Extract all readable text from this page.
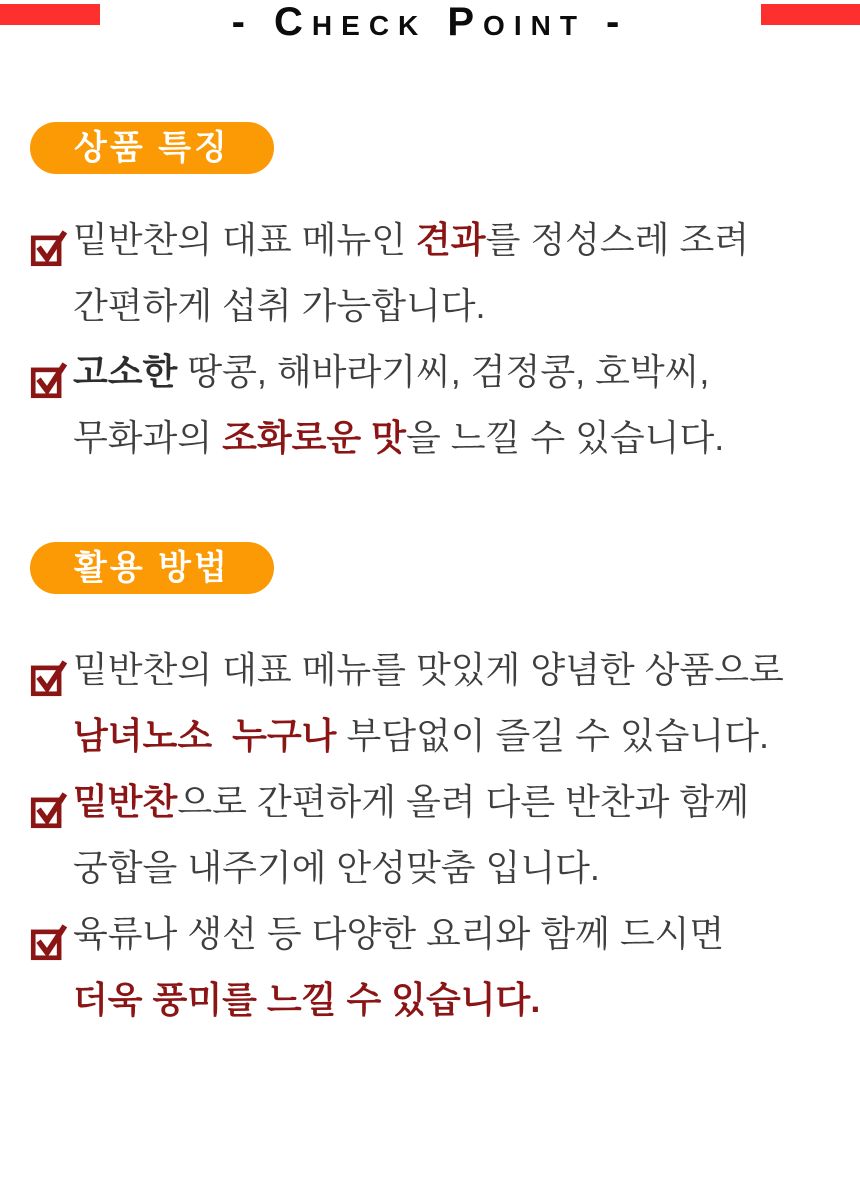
- Check Point -
상품 특징
밑반찬의 대표 메뉴인 견과를 정성스레 조려
간편하게 섭취 가능합니다.
고소한 땅콩, 해바라기씨, 검정콩, 호박씨,
무화과의 조화로운 맛을 느낄 수 있습니다.
활용 방법
밑반찬의 대표 메뉴를 맛있게 양념한 상품으로
남녀노소  누구나 부담없이 즐길 수 있습니다.
밑반찬으로 간편하게 올려 다른 반찬과 함께
궁합을 내주기에 안성맞춤 입니다.
육류나 생선 등 다양한 요리와 함께 드시면
더욱 풍미를 느낄 수 있습니다.
